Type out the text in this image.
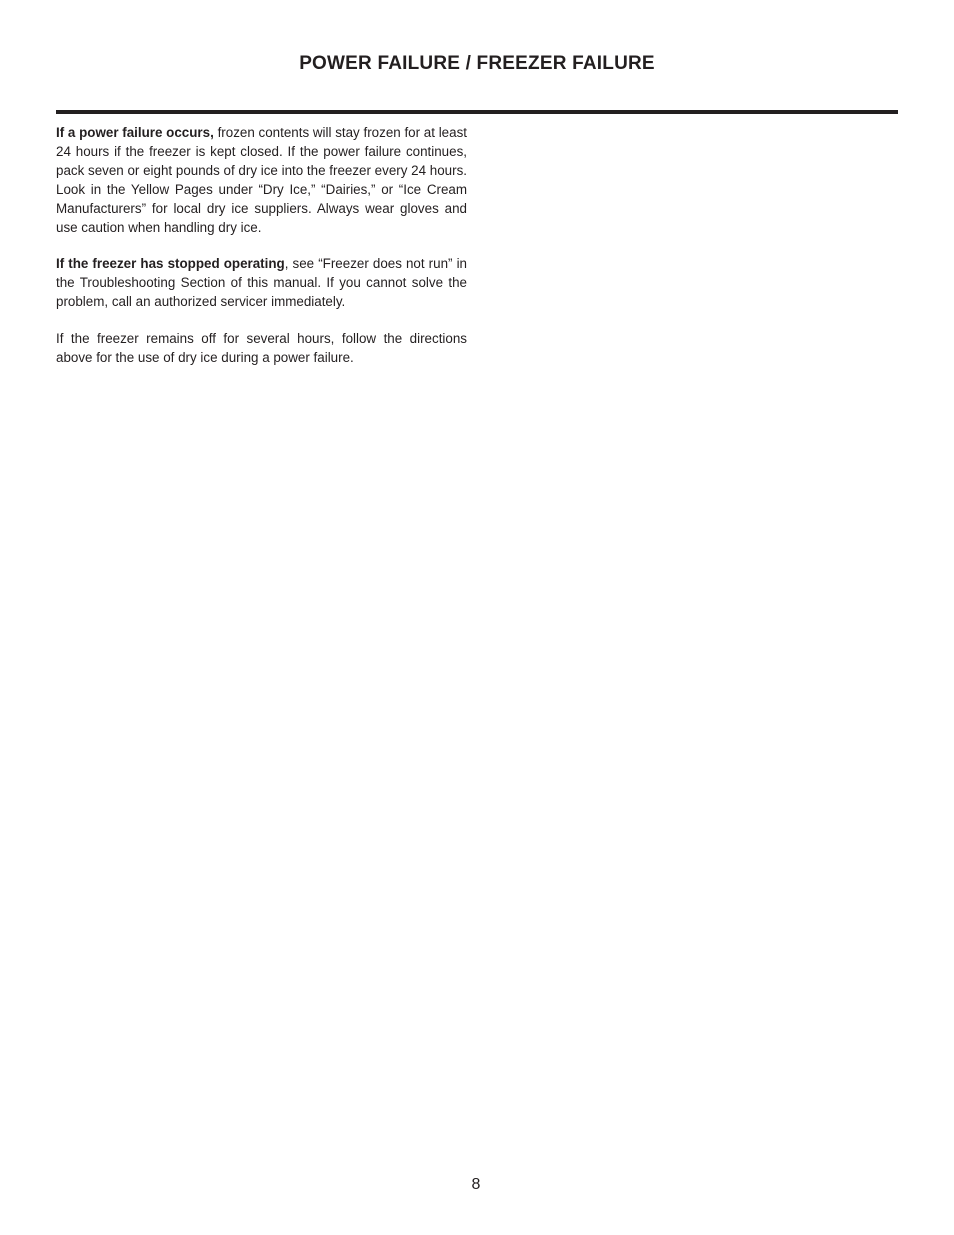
POWER FAILURE / FREEZER FAILURE

If a power failure occurs, frozen contents will stay frozen for at least 24 hours if the freezer is kept closed. If the power failure continues, pack seven or eight pounds of dry ice into the freezer every 24 hours. Look in the Yellow Pages under “Dry Ice,” “Dairies,” or “Ice Cream Manufacturers” for local dry ice suppliers. Always wear gloves and use caution when handling dry ice.

If the freezer has stopped operating, see “Freezer does not run” in the Troubleshooting Section of this manual. If you cannot solve the problem, call an authorized servicer immediately.

If the freezer remains off for several hours, follow the directions above for the use of dry ice during a power failure.

8
